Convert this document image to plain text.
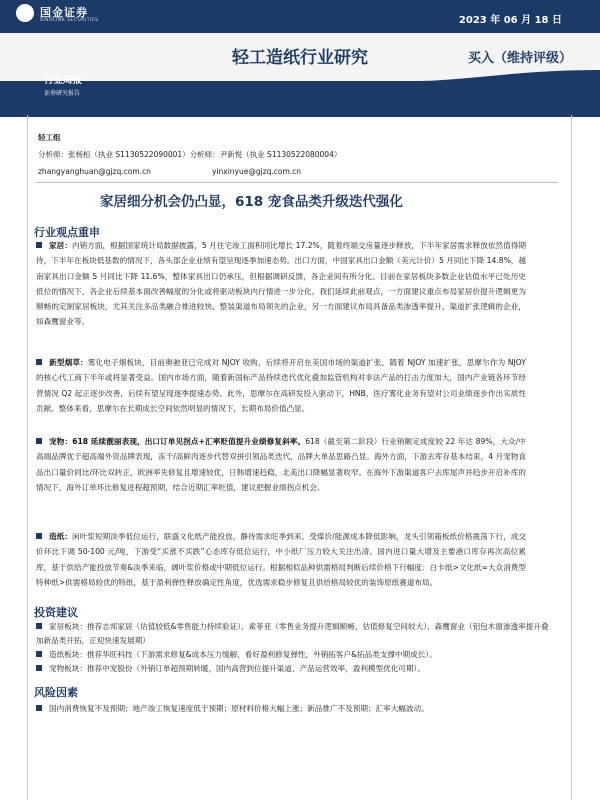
国金证券
SINOLINK SECURITIES	2023 年 06 月 18 日
轻工造纸行业研究	买入（维持评级）
行业周报
证券研究报告
轻工组
分析师：张杨桓（执业 S1130522090001）分析师：尹新悦（执业 S1130522080004）
zhangyanghuan@gjzq.com.cn	yinxinyue@gjzq.com.cn
家居细分机会仍凸显，618 宠食品类升级迭代强化
行业观点重申
家居：内销方面，根据国家统计局数据披露，5 月住宅竣工面积同比增长 17.2%，随着终端交房量逐步释放，下半年家居需求释放依然值得期待，下半年在板块低基数的情况下，各头部企业业绩有望呈现逐季加速态势。出口方面，中国家具出口金额（美元计价）5 月同比下降 14.8%，越南家具出口金额 5 月同比下降 11.6%，整体家具出口仍承压，但根据调研反馈，各企业间有所分化。目前在家居板块多数企业估值水平已处历史低位的情况下，各企业后续基本面改善幅度的分化或将驱动板块内行情进一步分化。我们延续此前观点，一方面建议重点布局家居价提升逻辑更为顺畅的定制家居板块，尤其关注多品类融合推进较快、整装渠道布局领先的企业，另一方面建议布局具备品类渗透率提升、渠道扩张逻辑的企业，如森鹰窗业等。
新型烟草：雾化电子烟板块，目前奥驰亚已完成对 NJOY 收购，后续将开启在美国市场的渠道扩张，随着 NJOY 加速扩张，思摩尔作为 NJOY 的核心代工商下半年或将显著受益。国内市场方面，随着新国标产品持续迭代优化叠加监管机构对非法产品的打击力度加大，国内产业链各环节经营情况 Q2 起正逐步改善，后续有望呈现逐季提速态势。此外，思摩尔在高研发投入驱动下，HNB、医疗雾化业务有望对公司业绩逐步作出实质性贡献。整体来看，思摩尔在长期成长空间依然明显的情况下，长期布局价值凸显。
宠物：618 延续靓丽表现，出口订单见拐点+汇率贬值提升业绩修复斜率。618（截至第二阶段）行业销额定成度较 22 年达 89%，大众/中高端品牌优于超高端外资品牌表现，冻干/高鲜肉逐步代替双拼引领品类迭代，品牌大单品思路凸显。海外方面，下游去库存基本结束，4 月宠物食品出口量价同比/环比双转正，欧洲率先修复且增速较优，日韩增速趋稳，北美出口降幅显著收窄。在海外下游渠道客户去库尾声并趋步开启补库的情况下，海外订单环比修复进程超预期，结合近期汇率贬值，建议把握业绩拐点机会。
造纸：闲叶浆短期淡季低位运行，联盛文化纸产能投放，静待需求旺季到来。受煤价/能源成本降低影响，龙头引领箱板纸价格震荡下行，成交价环比下调 50-100 元/吨，下游受“买涨不买跌”心态库存低位运行，中小纸厂压力较大关注出清。国内进口量大增及主要港口库存再次高位累库，基于供给产能投放节奏&淡季来临，阔叶浆价格或中期低位运行。根据相似品种供需格局判断后续价格下行幅度：白卡纸>文化纸≈大众消费型特种纸>供需格局较优的特纸，基于盈利弹性释放确定性角度，优选需求稳步修复且供给格局较优的装饰原纸赛道布局。
投资建议
家居板块：推荐志邦家居（估值较低&零售能力持续验证）、索菲亚（零售业务提升逻辑顺畅，估值修复空间较大）、森鹰窗业（铝包木窗渗透率提升叠加新品类开拓，正迎快速发展期）
造纸板块：推荐华旺科技（下游需求修复&成本压力缓解，看好盈利修复弹性，外销拓客户&拓品类支撑中期成长）。
宠物板块：推荐中宠股份（外销订单超预期转暖，国内高营到位提升渠道、产品运营效率，盈利模型优化可期）。
风险因素
国内消费恢复不及预期；地产竣工恢复速度低于预期；原材料价格大幅上涨；新品推广不及预期；汇率大幅波动。
